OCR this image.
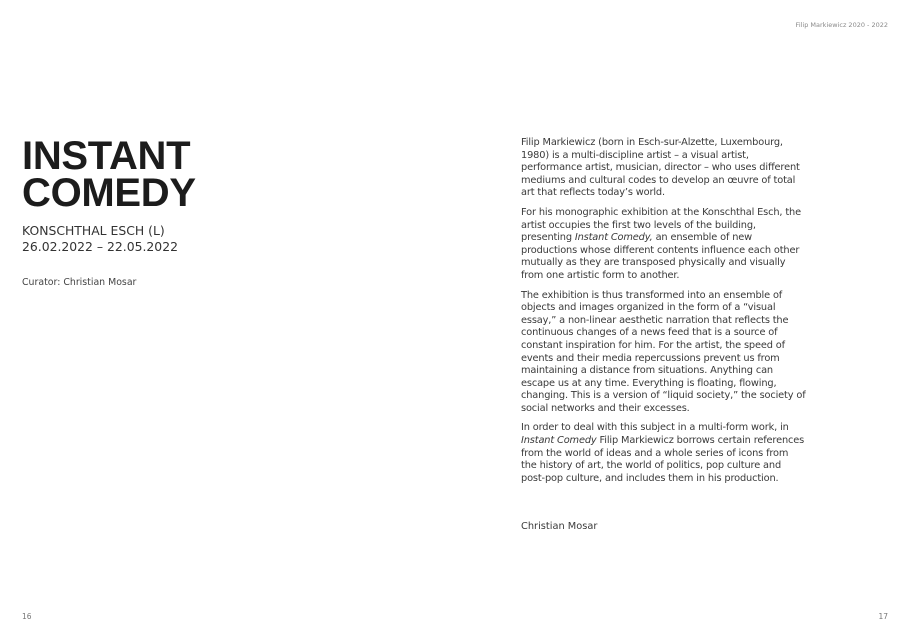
Filip Markiewicz 2020 - 2022
INSTANT
COMEDY
KONSCHTHAL ESCH (L)
26.02.2022 – 22.05.2022
Curator: Christian Mosar

Filip Markiewicz (born in Esch-sur-Alzette, Luxembourg, 1980) is a multi-discipline artist – a visual artist, performance artist, musician, director – who uses different mediums and cultural codes to develop an œuvre of total art that reflects today’s world.

For his monographic exhibition at the Konschthal Esch, the artist occupies the first two levels of the building, presenting Instant Comedy, an ensemble of new productions whose different contents influence each other mutually as they are transposed physically and visually from one artistic form to another.

The exhibition is thus transformed into an ensemble of objects and images organized in the form of a “visual essay,” a non-linear aesthetic narration that reflects the continuous changes of a news feed that is a source of constant inspiration for him. For the artist, the speed of events and their media repercussions prevent us from maintaining a distance from situations. Anything can escape us at any time. Everything is floating, flowing, changing. This is a version of “liquid society,” the society of social networks and their excesses.

In order to deal with this subject in a multi-form work, in Instant Comedy Filip Markiewicz borrows certain references from the world of ideas and a whole series of icons from the history of art, the world of politics, pop culture and post-pop culture, and includes them in his production.

Christian Mosar
16	17
